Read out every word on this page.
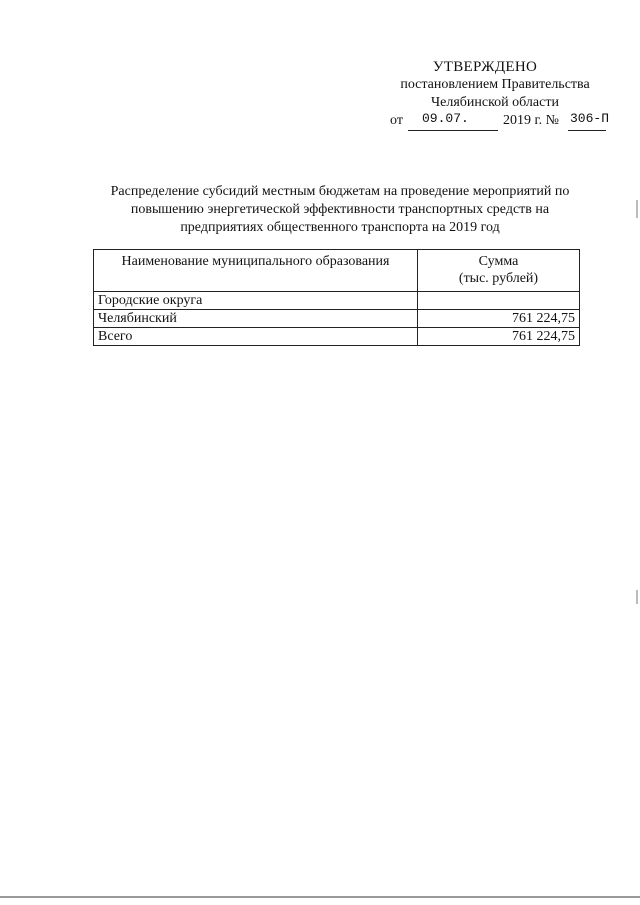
УТВЕРЖДЕНО
постановлением Правительства
Челябинской области
от 09.07. 2019 г. № 306-П
Распределение субсидий местным бюджетам на проведение мероприятий по
повышению энергетической эффективности транспортных средств на
предприятиях общественного транспорта на 2019 год
Наименование муниципального образования	Сумма
(тыс. рублей)

Городские округа	
Челябинский	761 224,75
Всего	761 224,75
